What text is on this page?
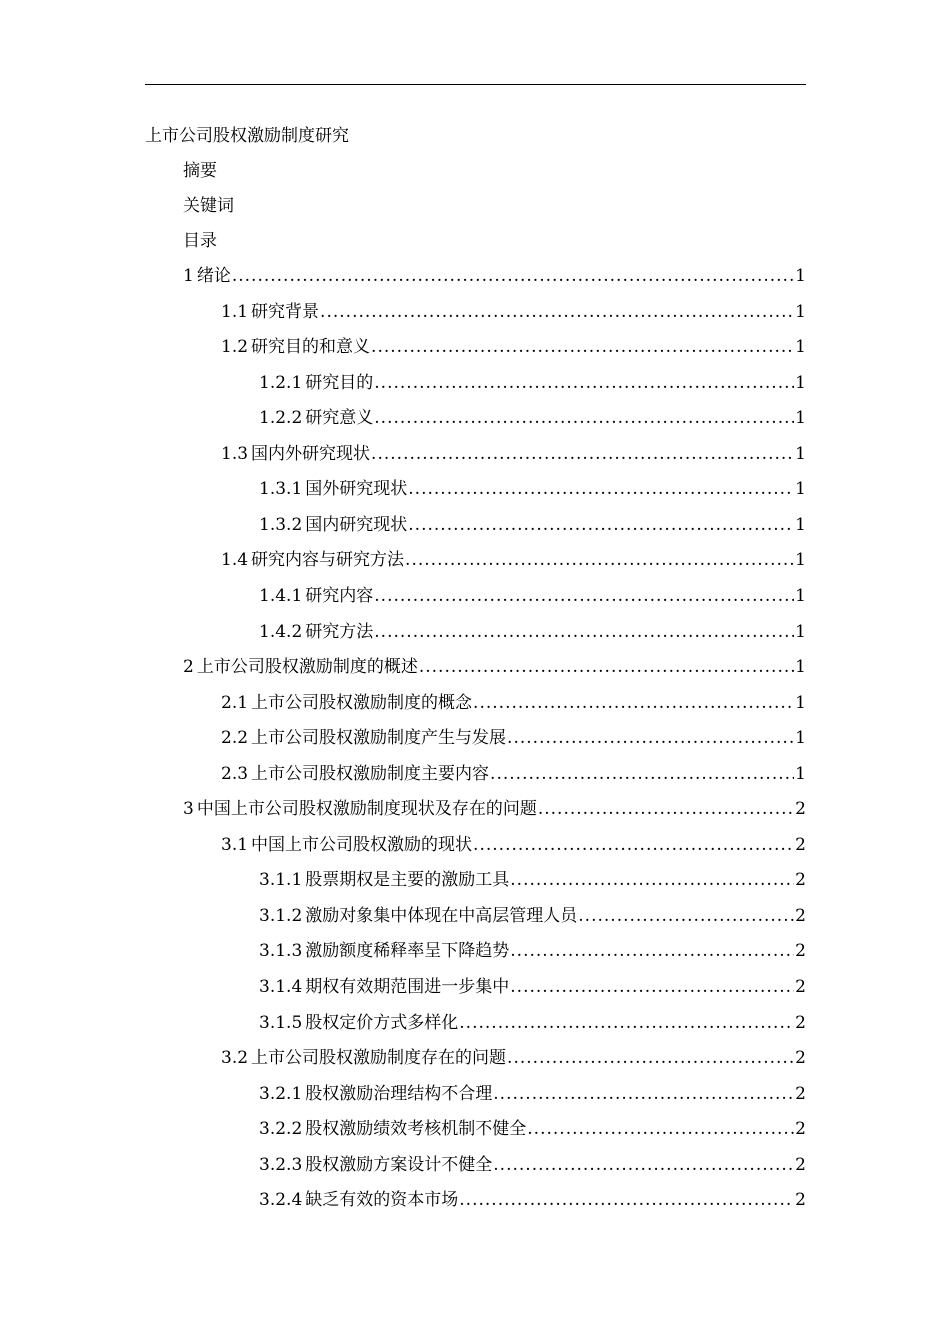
上市公司股权激励制度研究
摘要
关键词
目录
1 绪论 .....	1
1.1 研究背景 .....	1
1.2 研究目的和意义 .....	1
1.2.1 研究目的 .....	1
1.2.2 研究意义 .....	1
1.3 国内外研究现状 .....	1
1.3.1 国外研究现状 .....	1
1.3.2 国内研究现状 .....	1
1.4 研究内容与研究方法 .....	1
1.4.1 研究内容 .....	1
1.4.2 研究方法 .....	1
2 上市公司股权激励制度的概述 .....	1
2.1 上市公司股权激励制度的概念 .....	1
2.2 上市公司股权激励制度产生与发展 .....	1
2.3 上市公司股权激励制度主要内容 .....	1
3 中国上市公司股权激励制度现状及存在的问题 .....	2
3.1 中国上市公司股权激励的现状 .....	2
3.1.1 股票期权是主要的激励工具 .....	2
3.1.2 激励对象集中体现在中高层管理人员 .....	2
3.1.3 激励额度稀释率呈下降趋势 .....	2
3.1.4 期权有效期范围进一步集中 .....	2
3.1.5 股权定价方式多样化 .....	2
3.2 上市公司股权激励制度存在的问题 .....	2
3.2.1 股权激励治理结构不合理 .....	2
3.2.2 股权激励绩效考核机制不健全 .....	2
3.2.3 股权激励方案设计不健全 .....	2
3.2.4 缺乏有效的资本市场 .....	2
